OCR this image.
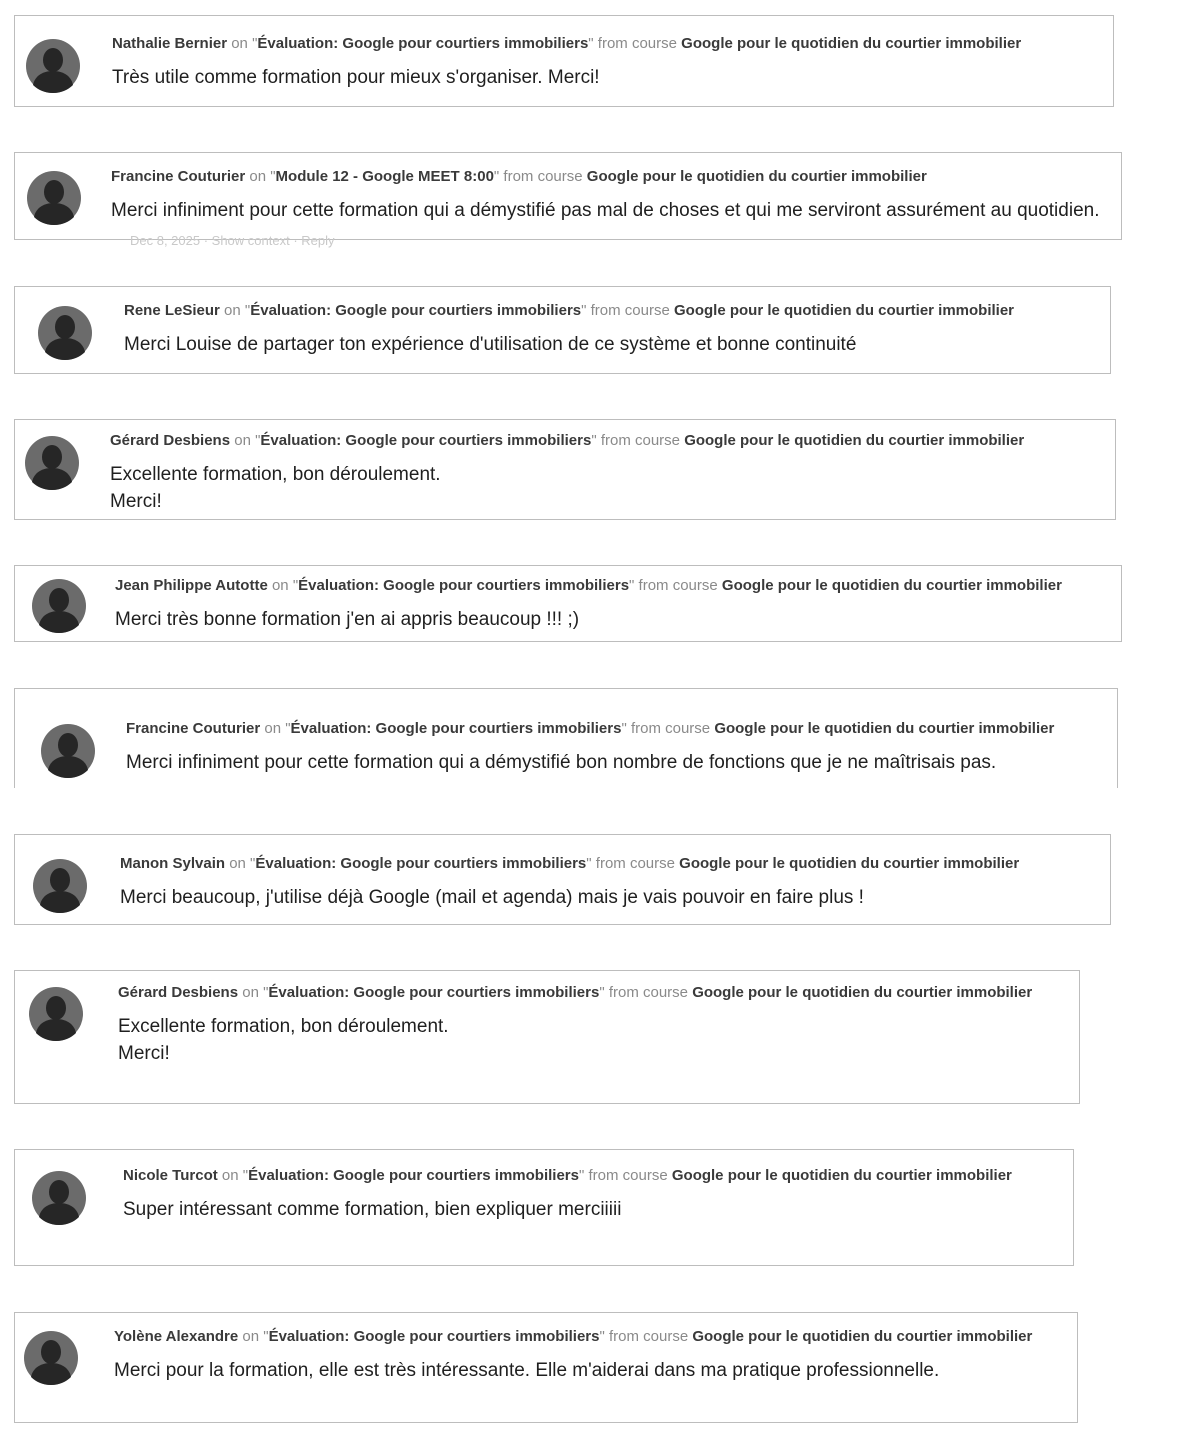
Nathalie Bernier on "Évaluation: Google pour courtiers immobiliers" from course Google pour le quotidien du courtier immobilier
Très utile comme formation pour mieux s'organiser. Merci!
Francine Couturier on "Module 12 - Google MEET 8:00" from course Google pour le quotidien du courtier immobilier
Merci infiniment pour cette formation qui a démystifié pas mal de choses et qui me serviront assurément au quotidien.
Rene LeSieur on "Évaluation: Google pour courtiers immobiliers" from course Google pour le quotidien du courtier immobilier
Merci Louise de partager ton expérience d'utilisation de ce système et bonne continuité
Gérard Desbiens on "Évaluation: Google pour courtiers immobiliers" from course Google pour le quotidien du courtier immobilier
Excellente formation, bon déroulement.
Merci!
Jean Philippe Autotte on "Évaluation: Google pour courtiers immobiliers" from course Google pour le quotidien du courtier immobilier
Merci très bonne formation j'en ai appris beaucoup !!! ;)
Francine Couturier on "Évaluation: Google pour courtiers immobiliers" from course Google pour le quotidien du courtier immobilier
Merci infiniment pour cette formation qui a démystifié bon nombre de fonctions que je ne maîtrisais pas.
Manon Sylvain on "Évaluation: Google pour courtiers immobiliers" from course Google pour le quotidien du courtier immobilier
Merci beaucoup, j'utilise déjà Google (mail et agenda) mais je vais pouvoir en faire plus !
Gérard Desbiens on "Évaluation: Google pour courtiers immobiliers" from course Google pour le quotidien du courtier immobilier
Excellente formation, bon déroulement.
Merci!
Nicole Turcot on "Évaluation: Google pour courtiers immobiliers" from course Google pour le quotidien du courtier immobilier
Super intéressant comme formation, bien expliquer merciiiii
Yolène Alexandre on "Évaluation: Google pour courtiers immobiliers" from course Google pour le quotidien du courtier immobilier
Merci pour la formation, elle est très intéressante. Elle m'aiderai dans ma pratique professionnelle.
Dec 8, 2025 · Show context · Reply
